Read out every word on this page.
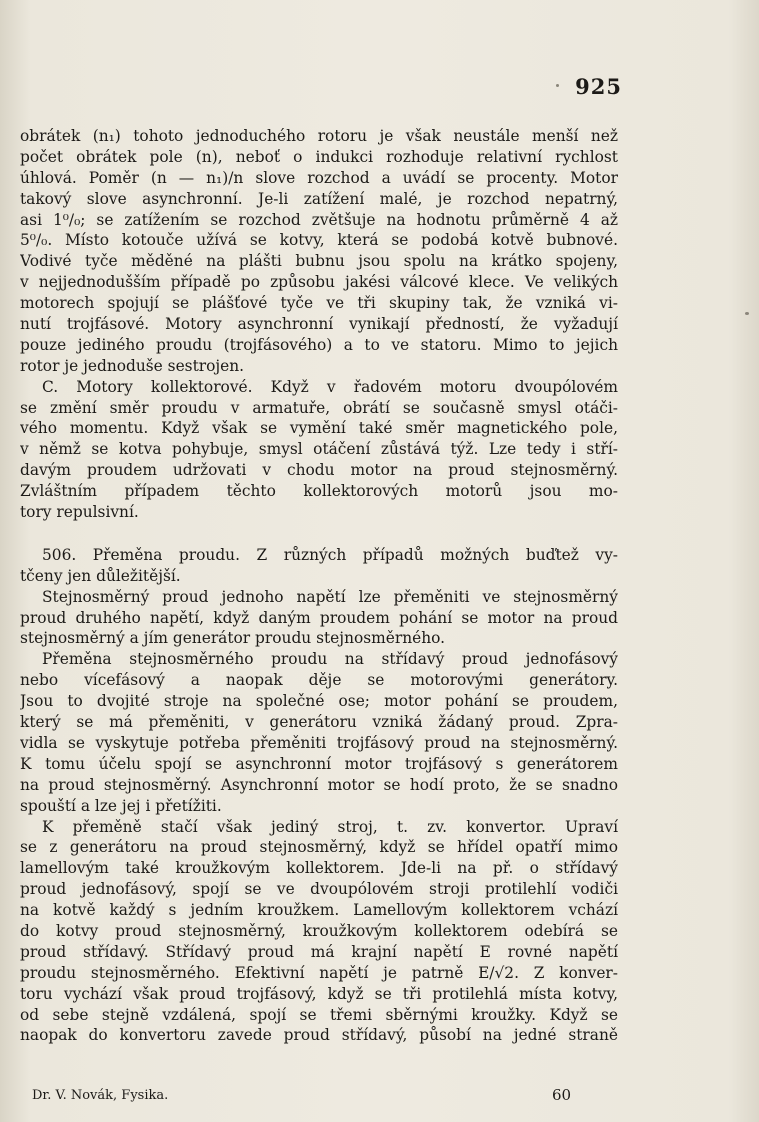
925
obrátek (n₁) tohoto jednoduchého rotoru je však neustále menší než
počet obrátek pole (n), neboť o indukci rozhoduje relativní rychlost
úhlová. Poměr (n — n₁)/n slove rozchod a uvádí se procenty. Motor
takový slove asynchronní. Je-li zatížení malé, je rozchod nepatrný,
asi 1⁰/₀; se zatížením se rozchod zvětšuje na hodnotu průměrně 4 až
5⁰/₀. Místo kotouče užívá se kotvy, která se podobá kotvě bubnové.
Vodivé tyče měděné na plášti bubnu jsou spolu na krátko spojeny,
v nejjednodušším případě po způsobu jakési válcové klece. Ve velikých
motorech spojují se plášťové tyče ve tři skupiny tak, že vzniká vi-
nutí trojfásové. Motory asynchronní vynikají předností, že vyžadují
pouze jediného proudu (trojfásového) a to ve statoru. Mimo to jejich
rotor je jednoduše sestrojen.
C. Motory kollektorové. Když v řadovém motoru dvoupólovém
se změní směr proudu v armatuře, obrátí se současně smysl otáči-
vého momentu. Když však se vymění také směr magnetického pole,
v němž se kotva pohybuje, smysl otáčení zůstává týž. Lze tedy i stří-
davým proudem udržovati v chodu motor na proud stejnosměrný.
Zvláštním případem těchto kollektorových motorů jsou mo-
tory repulsivní.
506. Přeměna proudu. Z různých případů možných buďtež vy-
tčeny jen důležitější.
Stejnosměrný proud jednoho napětí lze přeměniti ve stejnosměrný
proud druhého napětí, když daným proudem pohání se motor na proud
stejnosměrný a jím generátor proudu stejnosměrného.
Přeměna stejnosměrného proudu na střídavý proud jednofásový
nebo vícefásový a naopak děje se motorovými generátory.
Jsou to dvojité stroje na společné ose; motor pohání se proudem,
který se má přeměniti, v generátoru vzniká žádaný proud. Zpra-
vidla se vyskytuje potřeba přeměniti trojfásový proud na stejnosměrný.
K tomu účelu spojí se asynchronní motor trojfásový s generátorem
na proud stejnosměrný. Asynchronní motor se hodí proto, že se snadno
spouští a lze jej i přetížiti.
K přeměně stačí však jediný stroj, t. zv. konvertor. Upraví
se z generátoru na proud stejnosměrný, když se hřídel opatří mimo
lamellovým také kroužkovým kollektorem. Jde-li na př. o střídavý
proud jednofásový, spojí se ve dvoupólovém stroji protilehlí vodiči
na kotvě každý s jedním kroužkem. Lamellovým kollektorem vchází
do kotvy proud stejnosměrný, kroužkovým kollektorem odebírá se
proud střídavý. Střídavý proud má krajní napětí E rovné napětí
proudu stejnosměrného. Efektivní napětí je patrně E/√2. Z konver-
toru vychází však proud trojfásový, když se tři protilehlá místa kotvy,
od sebe stejně vzdálená, spojí se třemi sběrnými kroužky. Když se
naopak do konvertoru zavede proud střídavý, působí na jedné straně
Dr. V. Novák, Fysika.	60
